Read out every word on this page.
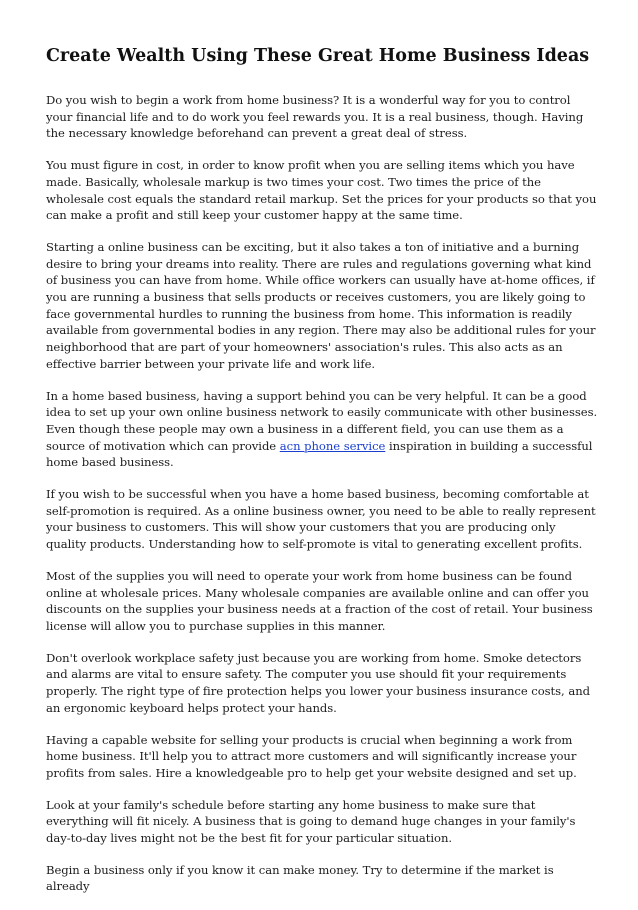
Create Wealth Using These Great Home Business Ideas

Do you wish to begin a work from home business? It is a wonderful way for you to control your financial life and to do work you feel rewards you. It is a real business, though. Having the necessary knowledge beforehand can prevent a great deal of stress.

You must figure in cost, in order to know profit when you are selling items which you have made. Basically, wholesale markup is two times your cost. Two times the price of the wholesale cost equals the standard retail markup. Set the prices for your products so that you can make a profit and still keep your customer happy at the same time.

Starting a online business can be exciting, but it also takes a ton of initiative and a burning desire to bring your dreams into reality. There are rules and regulations governing what kind of business you can have from home. While office workers can usually have at-home offices, if you are running a business that sells products or receives customers, you are likely going to face governmental hurdles to running the business from home. This information is readily available from governmental bodies in any region. There may also be additional rules for your neighborhood that are part of your homeowners' association's rules. This also acts as an effective barrier between your private life and work life.

In a home based business, having a support behind you can be very helpful. It can be a good idea to set up your own online business network to easily communicate with other businesses. Even though these people may own a business in a different field, you can use them as a source of motivation which can provide acn phone service inspiration in building a successful home based business.

If you wish to be successful when you have a home based business, becoming comfortable at self-promotion is required. As a online business owner, you need to be able to really represent your business to customers. This will show your customers that you are producing only quality products. Understanding how to self-promote is vital to generating excellent profits.

Most of the supplies you will need to operate your work from home business can be found online at wholesale prices. Many wholesale companies are available online and can offer you discounts on the supplies your business needs at a fraction of the cost of retail. Your business license will allow you to purchase supplies in this manner.

Don't overlook workplace safety just because you are working from home. Smoke detectors and alarms are vital to ensure safety. The computer you use should fit your requirements properly. The right type of fire protection helps you lower your business insurance costs, and an ergonomic keyboard helps protect your hands.

Having a capable website for selling your products is crucial when beginning a work from home business. It'll help you to attract more customers and will significantly increase your profits from sales. Hire a knowledgeable pro to help get your website designed and set up.

Look at your family's schedule before starting any home business to make sure that everything will fit nicely. A business that is going to demand huge changes in your family's day-to-day lives might not be the best fit for your particular situation.

Begin a business only if you know it can make money. Try to determine if the market is already
